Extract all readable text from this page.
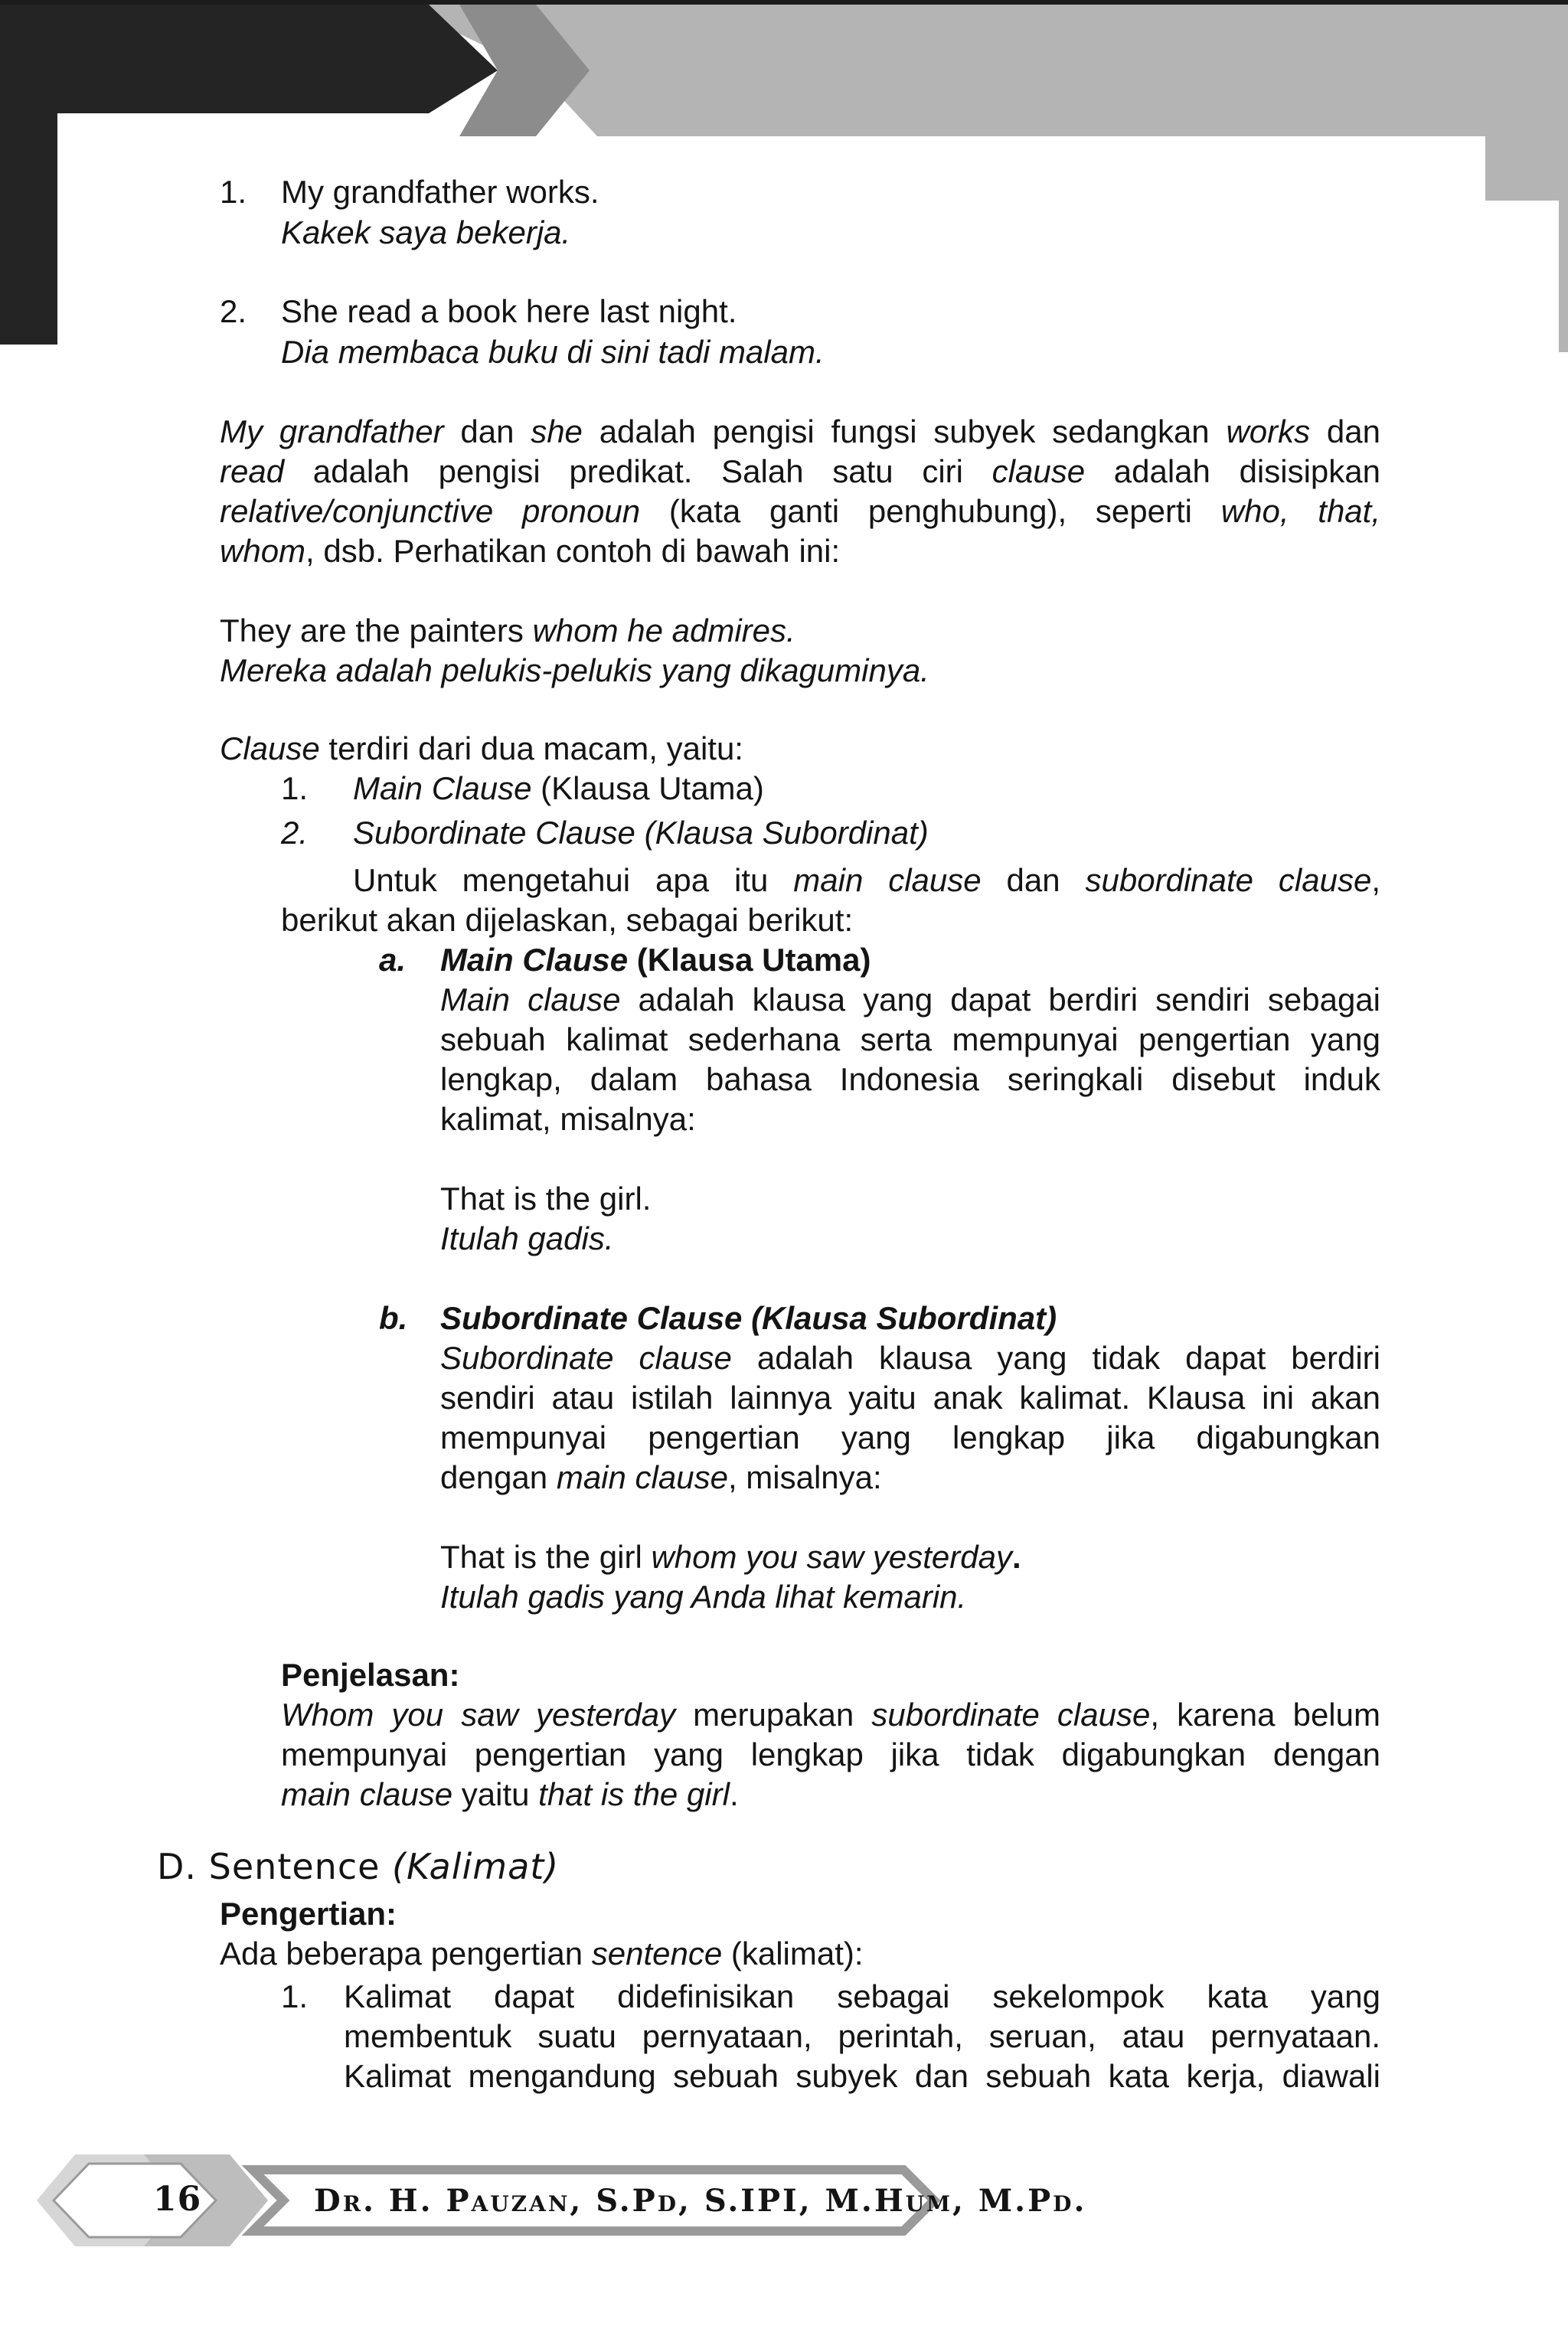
1. My grandfather works.
Kakek saya bekerja.
2. She read a book here last night.
Dia membaca buku di sini tadi malam.
My grandfather dan she adalah pengisi fungsi subyek sedangkan works dan
read adalah pengisi predikat. Salah satu ciri clause adalah disisipkan
relative/conjunctive pronoun (kata ganti penghubung), seperti who, that,
whom, dsb. Perhatikan contoh di bawah ini:
They are the painters whom he admires.
Mereka adalah pelukis-pelukis yang dikaguminya.
Clause terdiri dari dua macam, yaitu:
1. Main Clause (Klausa Utama)
2. Subordinate Clause (Klausa Subordinat)
Untuk mengetahui apa itu main clause dan subordinate clause,
berikut akan dijelaskan, sebagai berikut:
a. Main Clause (Klausa Utama)
Main clause adalah klausa yang dapat berdiri sendiri sebagai
sebuah kalimat sederhana serta mempunyai pengertian yang
lengkap, dalam bahasa Indonesia seringkali disebut induk
kalimat, misalnya:
That is the girl.
Itulah gadis.
b. Subordinate Clause (Klausa Subordinat)
Subordinate clause adalah klausa yang tidak dapat berdiri
sendiri atau istilah lainnya yaitu anak kalimat. Klausa ini akan
mempunyai pengertian yang lengkap jika digabungkan
dengan main clause, misalnya:
That is the girl whom you saw yesterday.
Itulah gadis yang Anda lihat kemarin.
Penjelasan:
Whom you saw yesterday merupakan subordinate clause, karena belum
mempunyai pengertian yang lengkap jika tidak digabungkan dengan
main clause yaitu that is the girl.
D. Sentence (Kalimat)
Pengertian:
Ada beberapa pengertian sentence (kalimat):
1. Kalimat dapat didefinisikan sebagai sekelompok kata yang
membentuk suatu pernyataan, perintah, seruan, atau pernyataan.
Kalimat mengandung sebuah subyek dan sebuah kata kerja, diawali
16	Dr. H. Pauzan, S.Pd, S.IPI, M.Hum, M.Pd.
